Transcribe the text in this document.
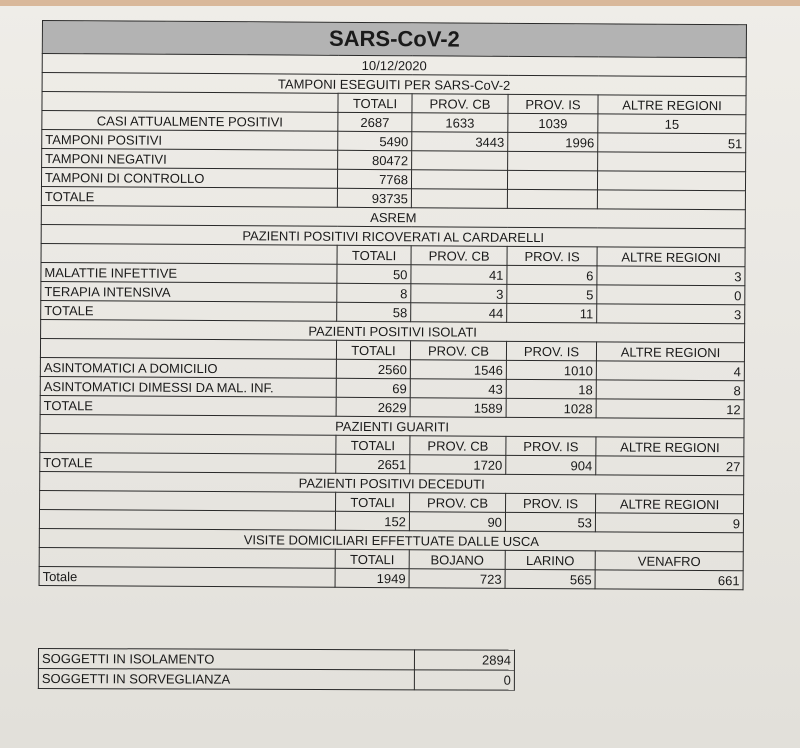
SARS-CoV-2				
10/12/2020				
TAMPONI ESEGUITI PER SARS-CoV-2				
	TOTALI	PROV. CB	PROV. IS	ALTRE REGIONI
CASI ATTUALMENTE POSITIVI	2687	1633	1039	15
TAMPONI POSITIVI	5490	3443	1996	51
TAMPONI NEGATIVI	80472			
TAMPONI DI CONTROLLO	7768			
TOTALE	93735			
ASREM				
PAZIENTI POSITIVI RICOVERATI AL CARDARELLI				
	TOTALI	PROV. CB	PROV. IS	ALTRE REGIONI
MALATTIE INFETTIVE	50	41	6	3
TERAPIA INTENSIVA	8	3	5	0
TOTALE	58	44	11	3
PAZIENTI POSITIVI ISOLATI				
	TOTALI	PROV. CB	PROV. IS	ALTRE REGIONI
ASINTOMATICI A DOMICILIO	2560	1546	1010	4
ASINTOMATICI DIMESSI DA MAL. INF.	69	43	18	8
TOTALE	2629	1589	1028	12
PAZIENTI GUARITI				
	TOTALI	PROV. CB	PROV. IS	ALTRE REGIONI
TOTALE	2651	1720	904	27
PAZIENTI POSITIVI DECEDUTI				
	TOTALI	PROV. CB	PROV. IS	ALTRE REGIONI
	152	90	53	9
VISITE DOMICILIARI EFFETTUATE DALLE USCA				
	TOTALI	BOJANO	LARINO	VENAFRO
Totale	1949	723	565	661
SOGGETTI IN ISOLAMENTO	2894
SOGGETTI IN SORVEGLIANZA	0
